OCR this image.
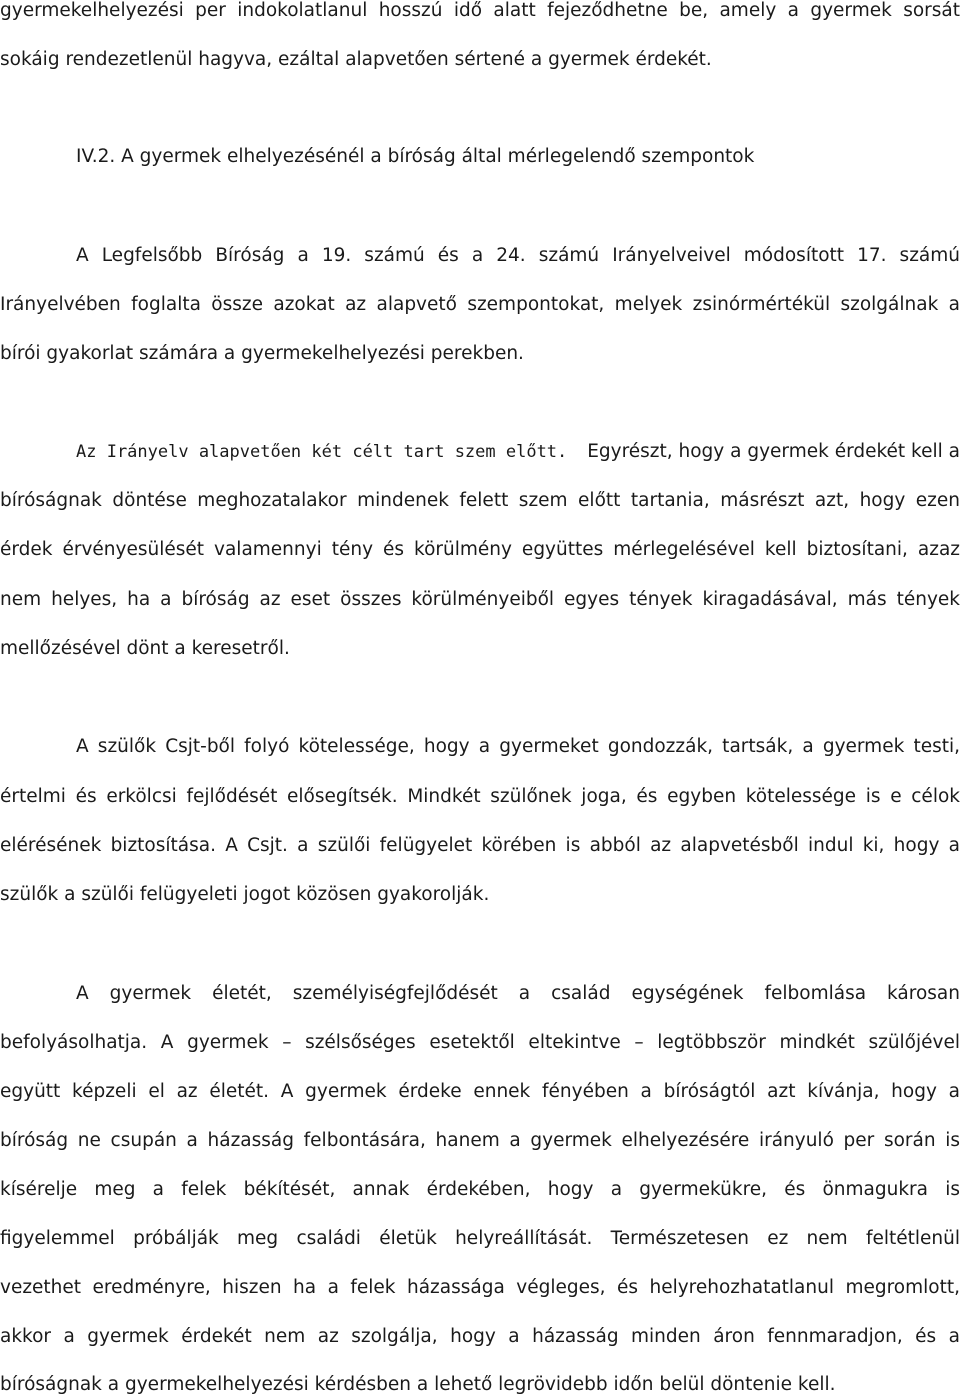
gyermekelhelyezési per indokolatlanul hosszú idő alatt fejeződhetne be, amely a gyermek sorsát
sokáig rendezetlenül hagyva, ezáltal alapvetően sértené a gyermek érdekét.
IV.2. A gyermek elhelyezésénél a bíróság által mérlegelendő szempontok
A Legfelsőbb Bíróság a 19. számú és a 24. számú Irányelveivel módosított 17. számú
Irányelvében foglalta össze azokat az alapvető szempontokat, melyek zsinórmértékül szolgálnak a
bírói gyakorlat számára a gyermekelhelyezési perekben.
Az Irányelv alapvetően két célt tart szem előtt. Egyrészt, hogy a gyermek érdekét kell a
bíróságnak döntése meghozatalakor mindenek felett szem előtt tartania, másrészt azt, hogy ezen
érdek érvényesülését valamennyi tény és körülmény együttes mérlegelésével kell biztosítani, azaz
nem helyes, ha a bíróság az eset összes körülményeiből egyes tények kiragadásával, más tények
mellőzésével dönt a keresetről.
A szülők Csjt-ből folyó kötelessége, hogy a gyermeket gondozzák, tartsák, a gyermek testi,
értelmi és erkölcsi fejlődését elősegítsék. Mindkét szülőnek joga, és egyben kötelessége is e célok
elérésének biztosítása. A Csjt. a szülői felügyelet körében is abból az alapvetésből indul ki, hogy a
szülők a szülői felügyeleti jogot közösen gyakorolják.
A gyermek életét, személyiségfejlődését a család egységének felbomlása károsan
befolyásolhatja. A gyermek – szélsőséges esetektől eltekintve – legtöbbször mindkét szülőjével
együtt képzeli el az életét. A gyermek érdeke ennek fényében a bíróságtól azt kívánja, hogy a
bíróság ne csupán a házasság felbontására, hanem a gyermek elhelyezésére irányuló per során is
kísérelje meg a felek békítését, annak érdekében, hogy a gyermekükre, és önmagukra is
figyelemmel próbálják meg családi életük helyreállítását. Természetesen ez nem feltétlenül
vezethet eredményre, hiszen ha a felek házassága végleges, és helyrehozhatatlanul megromlott,
akkor a gyermek érdekét nem az szolgálja, hogy a házasság minden áron fennmaradjon, és a
bíróságnak a gyermekelhelyezési kérdésben a lehető legrövidebb időn belül döntenie kell.
